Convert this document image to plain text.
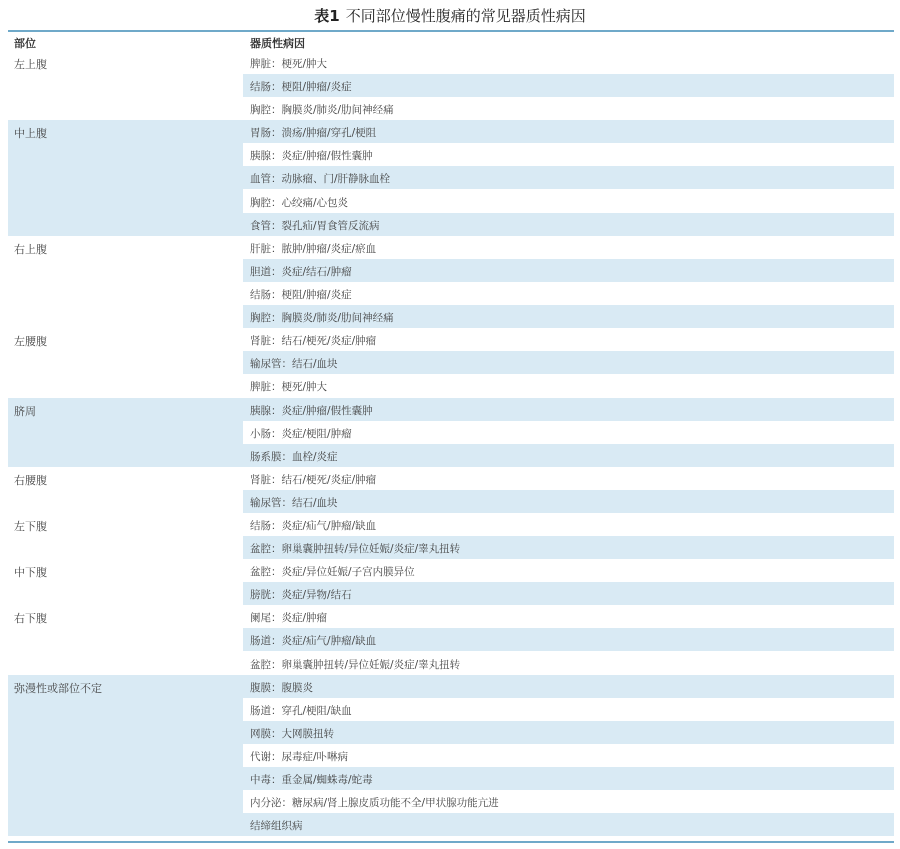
表1 不同部位慢性腹痛的常见器质性病因
部位	器质性病因
左上腹	脾脏：梗死/肿大
结肠：梗阻/肿瘤/炎症
胸腔：胸膜炎/肺炎/肋间神经痛
中上腹	胃肠：溃疡/肿瘤/穿孔/梗阻
胰腺：炎症/肿瘤/假性囊肿
血管：动脉瘤、门/肝静脉血栓
胸腔：心绞痛/心包炎
食管：裂孔疝/胃食管反流病
右上腹	肝脏：脓肿/肿瘤/炎症/瘀血
胆道：炎症/结石/肿瘤
结肠：梗阻/肿瘤/炎症
胸腔：胸膜炎/肺炎/肋间神经痛
左腰腹	肾脏：结石/梗死/炎症/肿瘤
输尿管：结石/血块
脾脏：梗死/肿大
脐周	胰腺：炎症/肿瘤/假性囊肿
小肠：炎症/梗阻/肿瘤
肠系膜：血栓/炎症
右腰腹	肾脏：结石/梗死/炎症/肿瘤
输尿管：结石/血块
左下腹	结肠：炎症/疝气/肿瘤/缺血
盆腔：卵巢囊肿扭转/异位妊娠/炎症/睾丸扭转
中下腹	盆腔：炎症/异位妊娠/子宫内膜异位
膀胱：炎症/异物/结石
右下腹	阑尾：炎症/肿瘤
肠道：炎症/疝气/肿瘤/缺血
盆腔：卵巢囊肿扭转/异位妊娠/炎症/睾丸扭转
弥漫性或部位不定	腹膜：腹膜炎
肠道：穿孔/梗阻/缺血
网膜：大网膜扭转
代谢：尿毒症/卟啉病
中毒：重金属/蜘蛛毒/蛇毒
内分泌：糖尿病/肾上腺皮质功能不全/甲状腺功能亢进
结缔组织病
